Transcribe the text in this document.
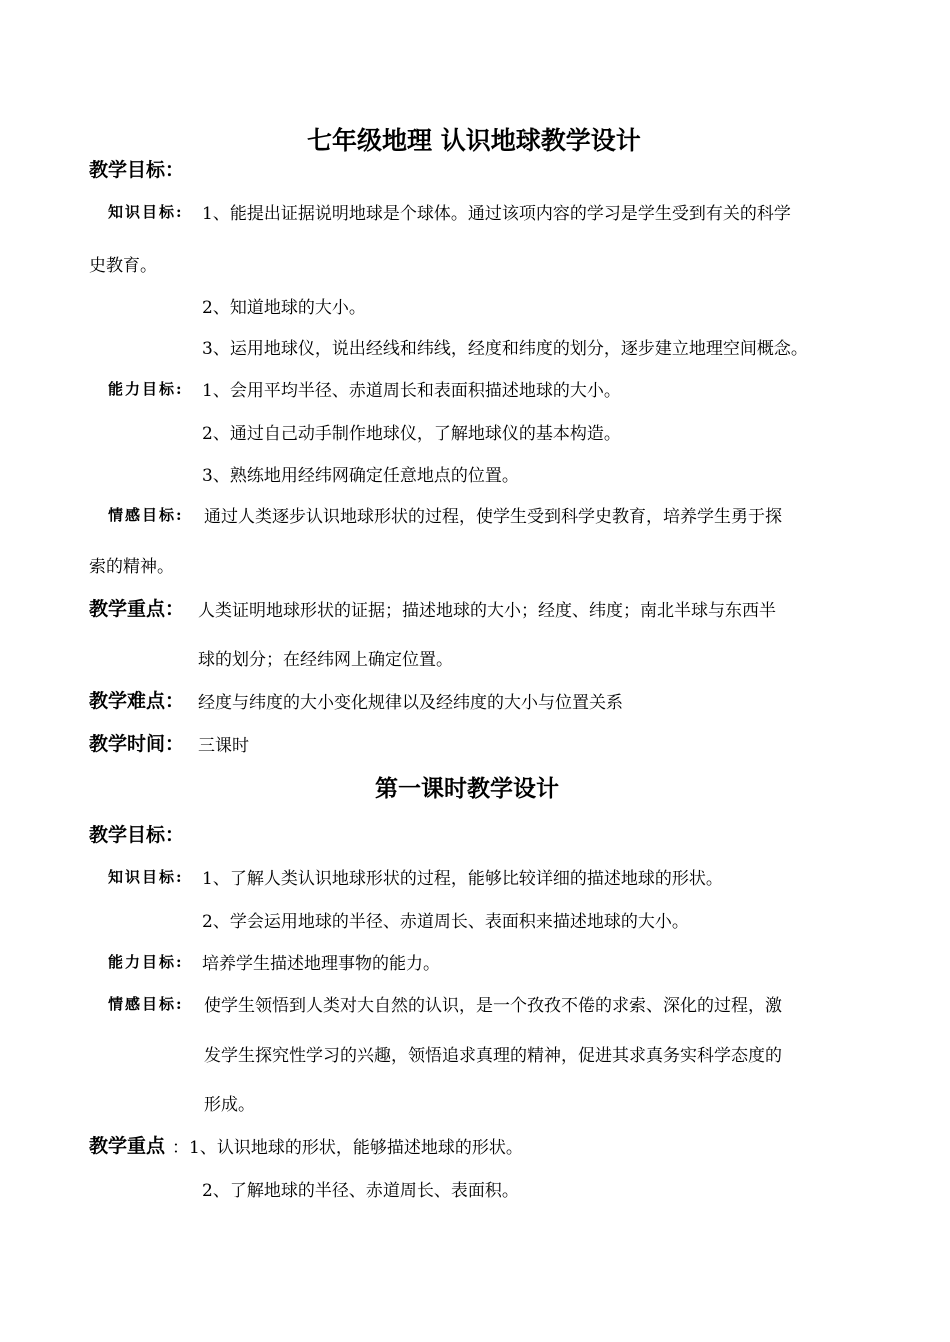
七年级地理 认识地球教学设计
教学目标：
知识目标: 1、能提出证据说明地球是个球体。通过该项内容的学习是学生受到有关的科学
史教育。
2、知道地球的大小。
3、运用地球仪，说出经线和纬线，经度和纬度的划分，逐步建立地理空间概念。
能力目标: 1、会用平均半径、赤道周长和表面积描述地球的大小。
2、通过自己动手制作地球仪，了解地球仪的基本构造。
3、熟练地用经纬网确定任意地点的位置。
情感目标: 通过人类逐步认识地球形状的过程，使学生受到科学史教育，培养学生勇于探
索的精神。
教学重点： 人类证明地球形状的证据；描述地球的大小；经度、纬度；南北半球与东西半
球的划分；在经纬网上确定位置。
教学难点： 经度与纬度的大小变化规律以及经纬度的大小与位置关系
教学时间： 三课时
第一课时教学设计
教学目标：
知识目标: 1、了解人类认识地球形状的过程，能够比较详细的描述地球的形状。
2、学会运用地球的半径、赤道周长、表面积来描述地球的大小。
能力目标: 培养学生描述地理事物的能力。
情感目标: 使学生领悟到人类对大自然的认识，是一个孜孜不倦的求索、深化的过程，激
发学生探究性学习的兴趣，领悟追求真理的精神，促进其求真务实科学态度的
形成。
教学重点 ：1、认识地球的形状，能够描述地球的形状。
2、了解地球的半径、赤道周长、表面积。
